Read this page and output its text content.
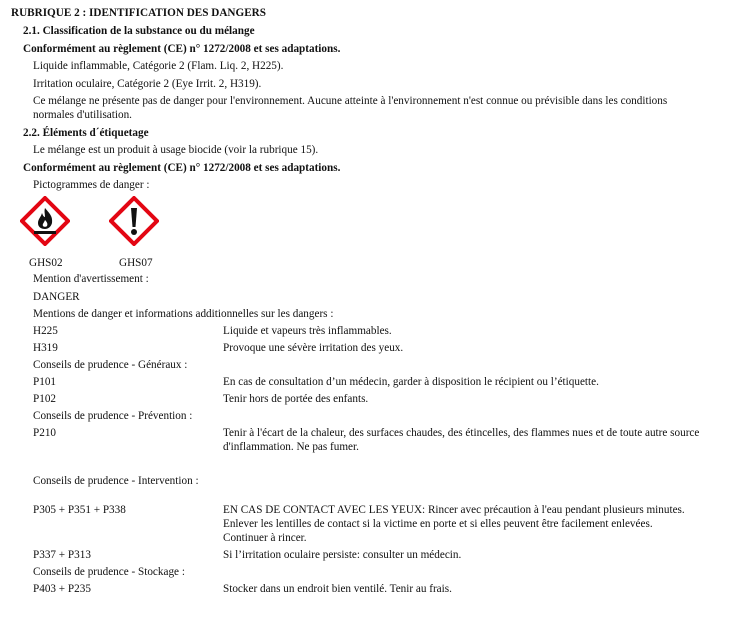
RUBRIQUE 2 : IDENTIFICATION DES DANGERS
2.1. Classification de la substance ou du mélange
Conformément au règlement (CE) n° 1272/2008 et ses adaptations.
Liquide inflammable, Catégorie 2 (Flam. Liq. 2, H225).
Irritation oculaire, Catégorie 2 (Eye Irrit. 2, H319).
Ce mélange ne présente pas de danger pour l'environnement. Aucune atteinte à l'environnement n'est connue ou prévisible dans les conditions
normales d'utilisation.
2.2. Éléments d´étiquetage
Le mélange est un produit à usage biocide (voir la rubrique 15).
Conformément au règlement (CE) n° 1272/2008 et ses adaptations.
Pictogrammes de danger :
GHS02	GHS07
Mention d'avertissement :
DANGER
Mentions de danger et informations additionnelles sur les dangers :
H225	Liquide et vapeurs très inflammables.
H319	Provoque une sévère irritation des yeux.
Conseils de prudence - Généraux :
P101	En cas de consultation d’un médecin, garder à disposition le récipient ou l’étiquette.
P102	Tenir hors de portée des enfants.
Conseils de prudence - Prévention :
P210	Tenir à l'écart de la chaleur, des surfaces chaudes, des étincelles, des flammes nues et de toute autre source d'inflammation. Ne pas fumer.
Conseils de prudence - Intervention :
P305 + P351 + P338	EN CAS DE CONTACT AVEC LES YEUX: Rincer avec précaution à l'eau pendant plusieurs minutes. Enlever les lentilles de contact si la victime en porte et si elles peuvent être facilement enlevées. Continuer à rincer.
P337 + P313	Si l’irritation oculaire persiste: consulter un médecin.
Conseils de prudence - Stockage :
P403 + P235	Stocker dans un endroit bien ventilé. Tenir au frais.
